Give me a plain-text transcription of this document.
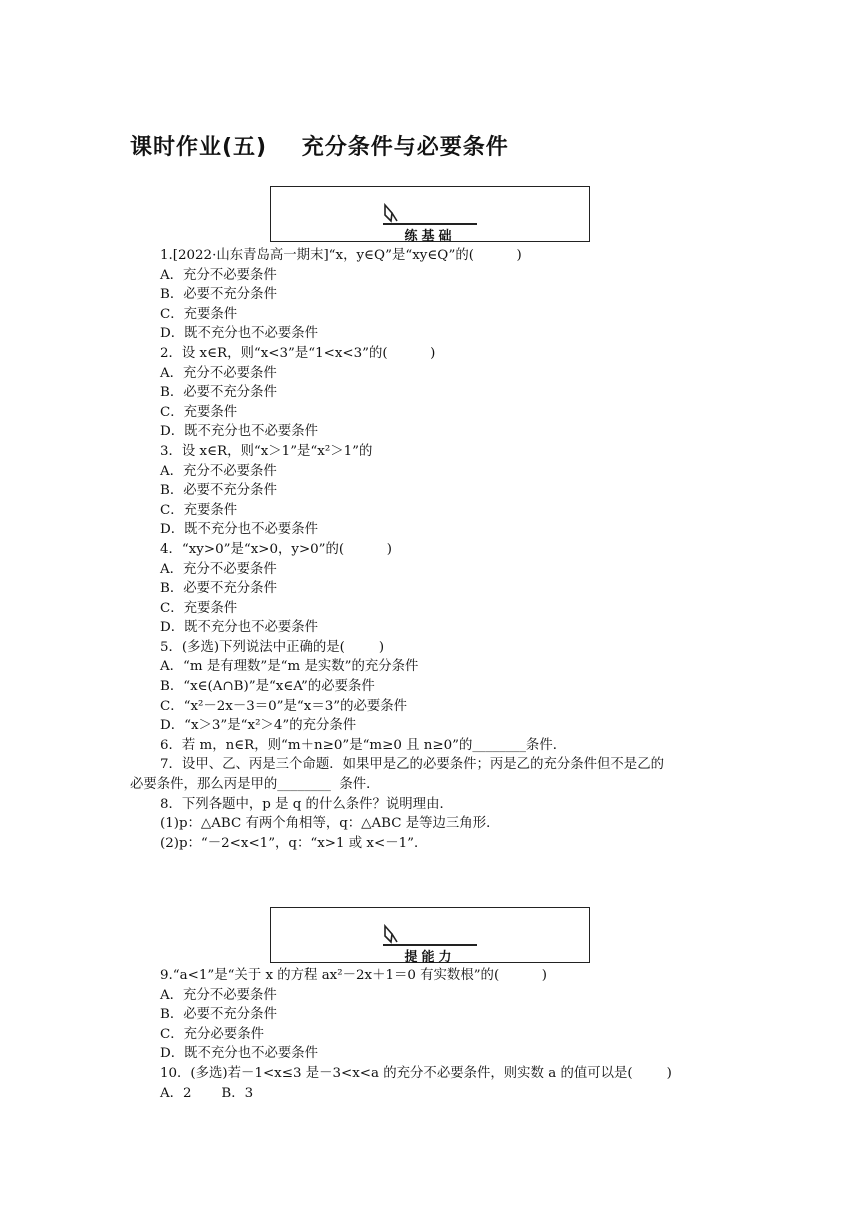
课时作业(五)    充分条件与必要条件
练基础
1.[2022·山东青岛高一期末]“x，y∈Q”是“xy∈Q”的(          )
A．充分不必要条件
B．必要不充分条件
C．充要条件
D．既不充分也不必要条件
2．设 x∈R，则“x<3”是“1<x<3”的(          )
A．充分不必要条件
B．必要不充分条件
C．充要条件
D．既不充分也不必要条件
3．设 x∈R，则“x＞1”是“x²＞1”的
A．充分不必要条件
B．必要不充分条件
C．充要条件
D．既不充分也不必要条件
4．“xy>0”是“x>0，y>0”的(          )
A．充分不必要条件
B．必要不充分条件
C．充要条件
D．既不充分也不必要条件
5．(多选)下列说法中正确的是(        )
A．“m 是有理数”是“m 是实数”的充分条件
B．“x∈(A∩B)”是“x∈A”的必要条件
C．“x²－2x－3＝0”是“x＝3”的必要条件
D．“x＞3”是“x²＞4”的充分条件
6．若 m，n∈R，则“m＋n≥0”是“m≥0 且 n≥0”的________条件．
7．设甲、乙、丙是三个命题．如果甲是乙的必要条件；丙是乙的充分条件但不是乙的
必要条件，那么丙是甲的________  条件．
8．下列各题中，p 是 q 的什么条件？说明理由．
(1)p：△ABC 有两个角相等，q：△ABC 是等边三角形．
(2)p：“－2<x<1”，q：“x>1 或 x<－1”．
提能力
9.“a<1”是“关于 x 的方程 ax²－2x＋1＝0 有实数根”的(          )
A．充分不必要条件
B．必要不充分条件
C．充分必要条件
D．既不充分也不必要条件
10．(多选)若－1<x≤3 是－3<x<a 的充分不必要条件，则实数 a 的值可以是(        )
A．2       B．3
